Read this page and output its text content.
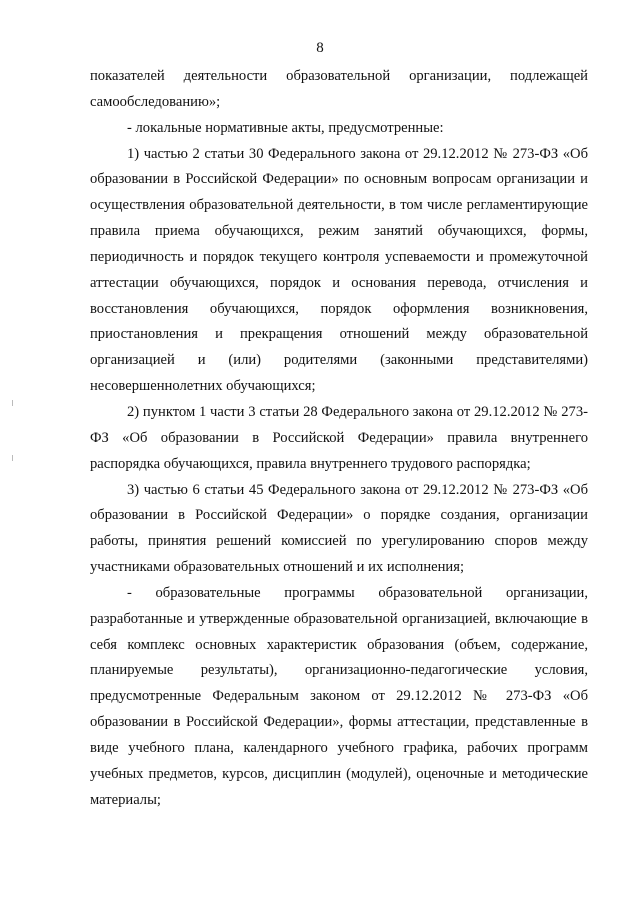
8

показателей деятельности образовательной организации, подлежащей самообследованию»;

- локальные нормативные акты, предусмотренные:

1) частью 2 статьи 30 Федерального закона от 29.12.2012 № 273-ФЗ «Об образовании в Российской Федерации» по основным вопросам организации и осуществления образовательной деятельности, в том числе регламентирующие правила приема обучающихся, режим занятий обучающихся, формы, периодичность и порядок текущего контроля успеваемости и промежуточной аттестации обучающихся, порядок и основания перевода, отчисления и восстановления обучающихся, порядок оформления возникновения, приостановления и прекращения отношений между образовательной организацией и (или) родителями (законными представителями) несовершеннолетних обучающихся;

2) пунктом 1 части 3 статьи 28 Федерального закона от 29.12.2012 № 273-ФЗ «Об образовании в Российской Федерации» правила внутреннего распорядка обучающихся, правила внутреннего трудового распорядка;

3) частью 6 статьи 45 Федерального закона от 29.12.2012 № 273-ФЗ «Об образовании в Российской Федерации» о порядке создания, организации работы, принятия решений комиссией по урегулированию споров между участниками образовательных отношений и их исполнения;

- образовательные программы образовательной организации, разработанные и утвержденные образовательной организацией, включающие в себя комплекс основных характеристик образования (объем, содержание, планируемые результаты), организационно-педагогические условия, предусмотренные Федеральным законом от 29.12.2012 № 273-ФЗ «Об образовании в Российской Федерации», формы аттестации, представленные в виде учебного плана, календарного учебного графика, рабочих программ учебных предметов, курсов, дисциплин (модулей), оценочные и методические материалы;
